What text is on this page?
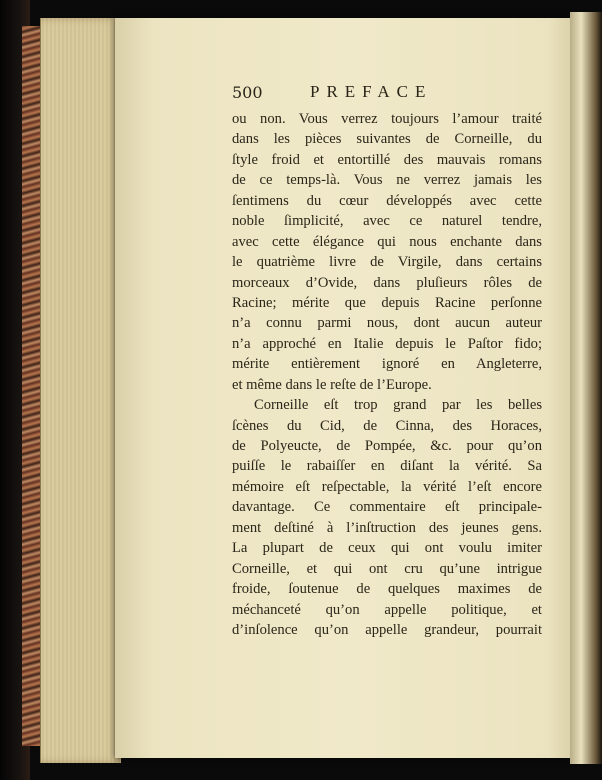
500	PREFACE
ou non. Vous verrez toujours l’amour traité
dans les pièces suivantes de Corneille, du
ſtyle froid et entortillé des mauvais romans
de ce temps-là. Vous ne verrez jamais les
ſentimens du cœur développés avec cette
noble ſimplicité, avec ce naturel tendre,
avec cette élégance qui nous enchante dans
le quatrième livre de Virgile, dans certains
morceaux d’Ovide, dans pluſieurs rôles de
Racine; mérite que depuis Racine perſonne
n’a connu parmi nous, dont aucun auteur
n’a approché en Italie depuis le Paſtor fido;
mérite entièrement ignoré en Angleterre,
et même dans le reſte de l’Europe.
Corneille eſt trop grand par les belles
ſcènes du Cid, de Cinna, des Horaces,
de Polyeucte, de Pompée, &c. pour qu’on
puiſſe le rabaiſſer en diſant la vérité. Sa
mémoire eſt reſpectable, la vérité l’eſt encore
davantage. Ce commentaire eſt principale-
ment deſtiné à l’inſtruction des jeunes gens.
La plupart de ceux qui ont voulu imiter
Corneille, et qui ont cru qu’une intrigue
froide, ſoutenue de quelques maximes de
méchanceté qu’on appelle politique, et
d’inſolence qu’on appelle grandeur, pourrait
